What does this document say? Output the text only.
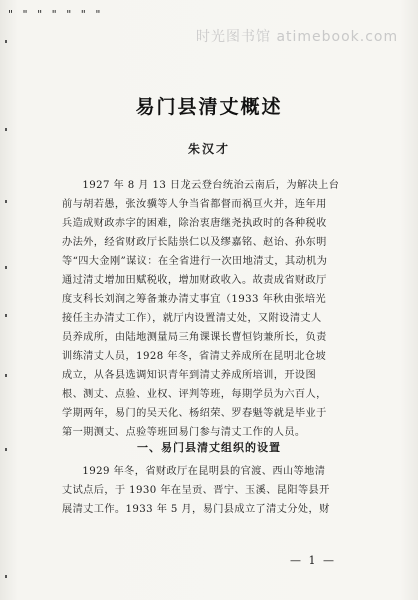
" " " " " " "
时光图书馆 atimebook.com
易门县清丈概述
朱汉才
1927 年 8 月 13 日龙云登台统治云南后，为解决上台
前与胡若愚，张汝骥等人争当省都督而祸亘火并，连年用
兵造成财政赤字的困难，除治衷唐继尧执政时的各种税收
办法外，经省财政厅长陆祟仁以及缪嘉铭、赵诒、孙东明
等“四大金刚”谋议：在全省进行一次田地清丈，其动机为
通过清丈增加田赋税收，增加财政收入。故责成省财政厅
度支科长刘润之筹备兼办清丈事宜（1933 年秋由张培光
接任主办清丈工作），就厅内设置清丈处，又附设清丈人
员养成所，由陆地测量局三角课课长曹恒钧兼所长，负责
训练清丈人员，1928 年冬，省清丈养成所在昆明北仓坡
成立，从各县选调知识青年到清丈养成所培训，开设图
根、测丈、点验、业权、评判等班，每期学员为六百人，
学期两年，易门的吴天化、杨绍荣、罗春魁等就是毕业于
第一期测丈、点验等班回易门参与清丈工作的人员。
一、易门县清丈组织的设置
1929 年冬，省财政厅在昆明县的官渡、西山等地清
丈试点后，于 1930 年在呈贡、晋宁、玉溪、昆阳等县开
展清丈工作。1933 年 5 月，易门县成立了清丈分处，财
— 1 —
